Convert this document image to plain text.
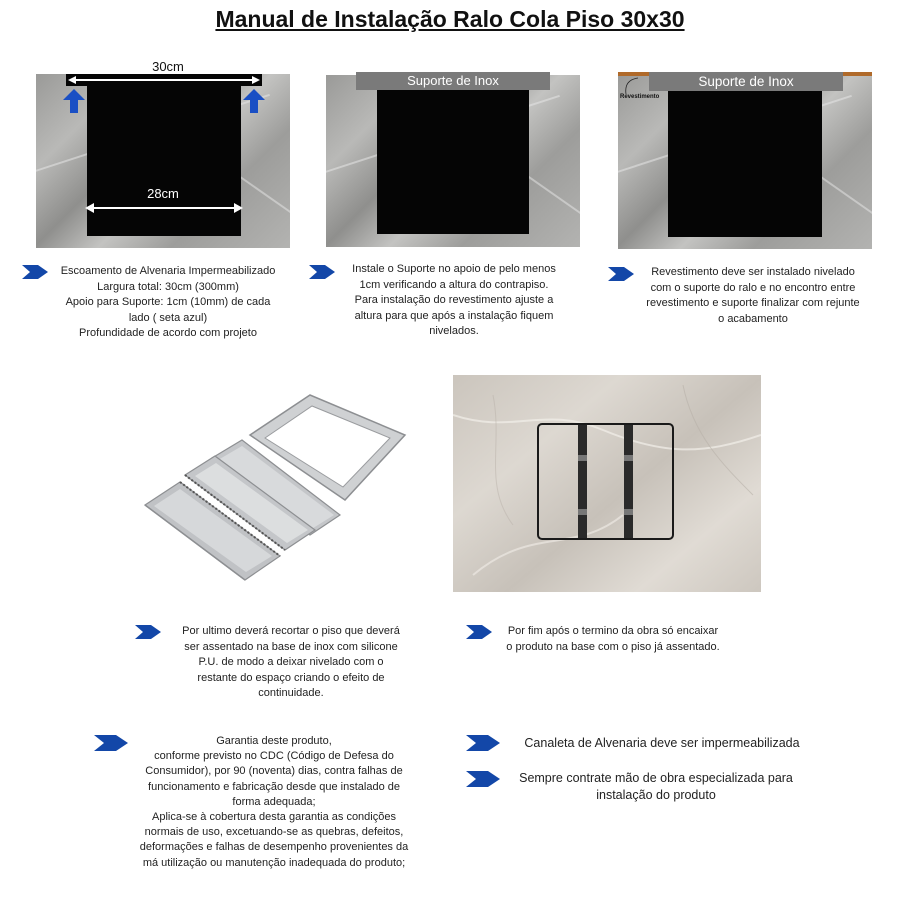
Manual de Instalação Ralo Cola Piso 30x30
30cm
28cm
Escoamento de Alvenaria Impermeabilizado
Largura total: 30cm (300mm)
Apoio para Suporte: 1cm (10mm) de cada
lado ( seta azul)
Profundidade de acordo com projeto
Suporte de Inox
Instale o Suporte no apoio de pelo menos
1cm verificando a altura do contrapiso.
Para instalação do revestimento ajuste a
altura para que após a instalação fiquem
nivelados.
Suporte de Inox
Revestimento
Revestimento deve ser instalado nivelado
com o suporte do ralo e no encontro entre
revestimento e suporte finalizar com rejunte
o acabamento
Por ultimo deverá recortar o piso que deverá
ser assentado na base de inox com silicone
P.U. de modo a deixar nivelado com o
restante do espaço criando o efeito de
continuidade.
Por fim após o termino da obra só encaixar
o produto na base com o piso já assentado.
Garantia deste produto,
conforme previsto no CDC (Código de Defesa do
Consumidor), por 90 (noventa) dias, contra falhas de
funcionamento e fabricação desde que instalado de
forma adequada;
Aplica-se à cobertura desta garantia as condições
normais de uso, excetuando-se as quebras, defeitos,
deformações e falhas de desempenho provenientes da
má utilização ou manutenção inadequada do produto;
Canaleta de Alvenaria deve ser impermeabilizada
Sempre contrate mão de obra especializada para
instalação do produto
